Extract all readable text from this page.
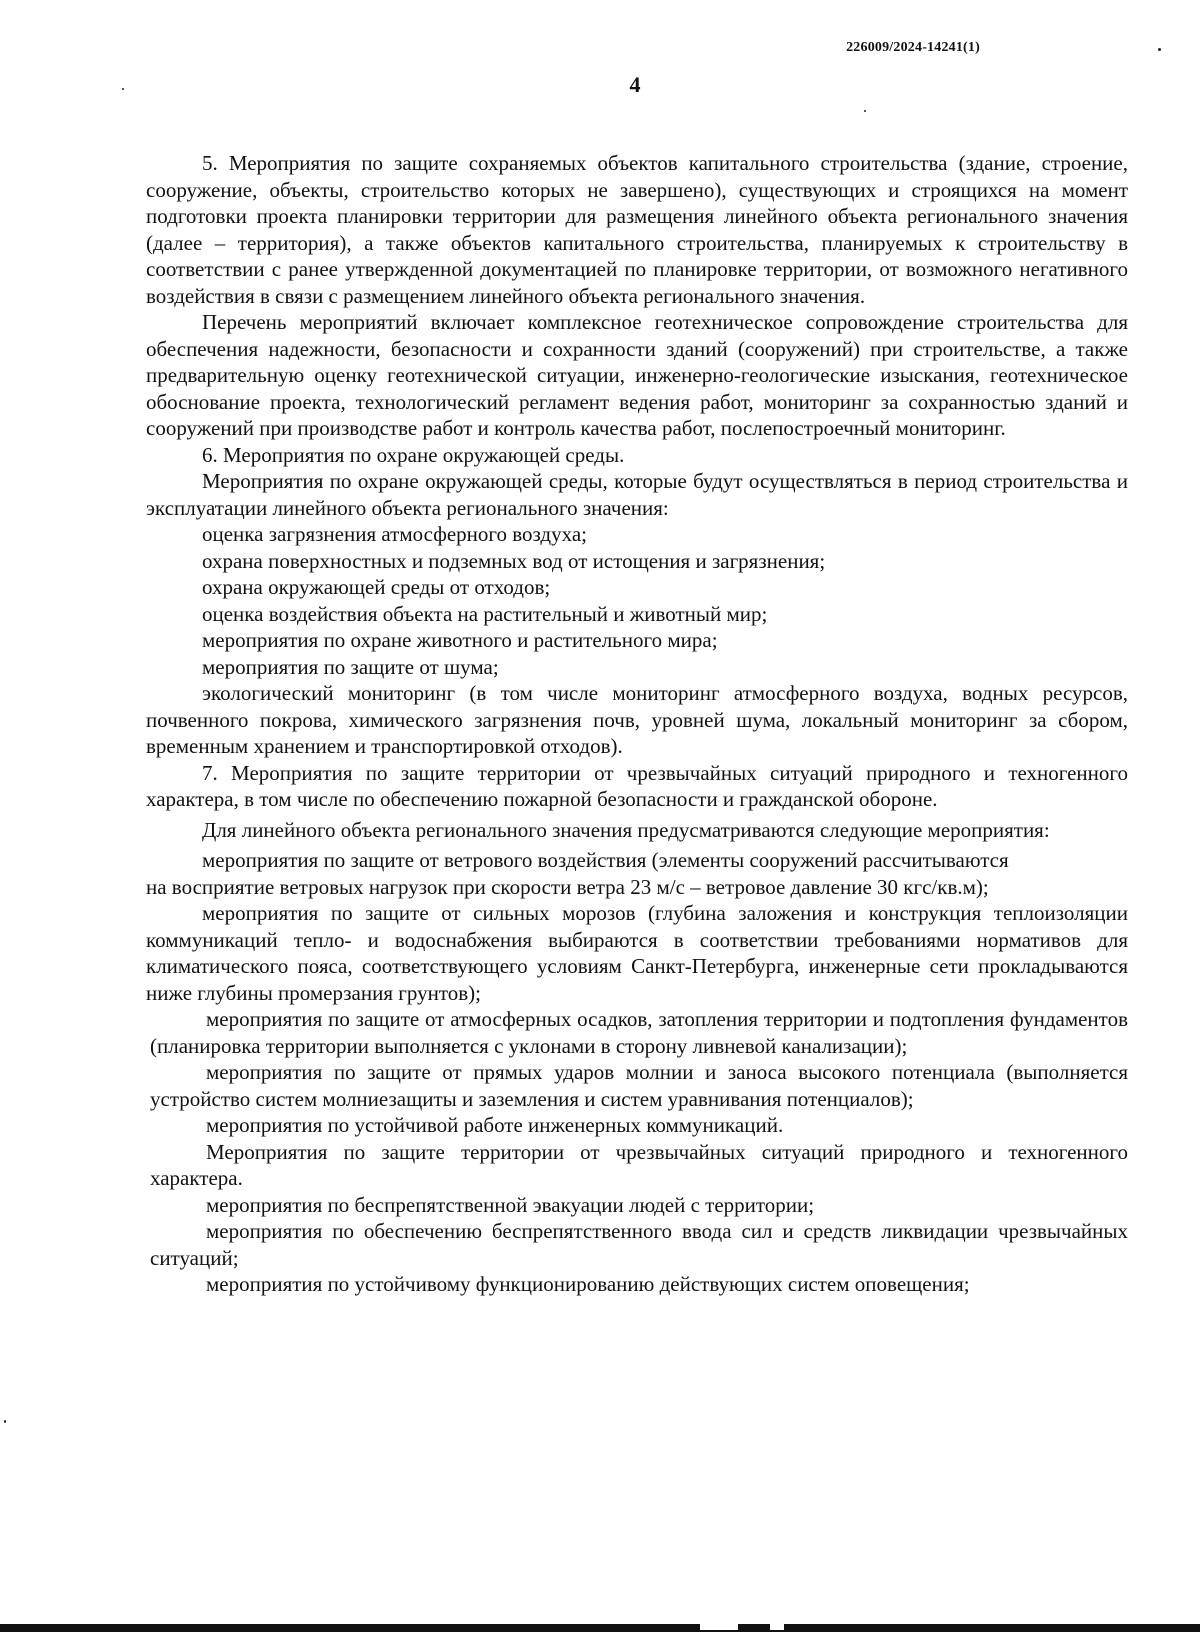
226009/2024-14241(1)
4

5. Мероприятия по защите сохраняемых объектов капитального строительства (здание, строение, сооружение, объекты, строительство которых не завершено), существующих и строящихся на момент подготовки проекта планировки территории для размещения линейного объекта регионального значения (далее – территория), а также объектов капитального строительства, планируемых к строительству в соответствии с ранее утвержденной документацией по планировке территории, от возможного негативного воздействия в связи с размещением линейного объекта регионального значения.

Перечень мероприятий включает комплексное геотехническое сопровождение строительства для обеспечения надежности, безопасности и сохранности зданий (сооружений) при строительстве, а также предварительную оценку геотехнической ситуации, инженерно-геологические изыскания, геотехническое обоснование проекта, технологический регламент ведения работ, мониторинг за сохранностью зданий и сооружений при производстве работ и контроль качества работ, послепостроечный мониторинг.

6. Мероприятия по охране окружающей среды.

Мероприятия по охране окружающей среды, которые будут осуществляться в период строительства и эксплуатации линейного объекта регионального значения:

оценка загрязнения атмосферного воздуха;

охрана поверхностных и подземных вод от истощения и загрязнения;

охрана окружающей среды от отходов;

оценка воздействия объекта на растительный и животный мир;

мероприятия по охране животного и растительного мира;

мероприятия по защите от шума;

экологический мониторинг (в том числе мониторинг атмосферного воздуха, водных ресурсов, почвенного покрова, химического загрязнения почв, уровней шума, локальный мониторинг за сбором, временным хранением и транспортировкой отходов).

7. Мероприятия по защите территории от чрезвычайных ситуаций природного и техногенного характера, в том числе по обеспечению пожарной безопасности и гражданской обороне.

Для линейного объекта регионального значения предусматриваются следующие мероприятия:

мероприятия по защите от ветрового воздействия (элементы сооружений рассчитываются

на восприятие ветровых нагрузок при скорости ветра 23 м/с – ветровое давление 30 кгс/кв.м);

мероприятия по защите от сильных морозов (глубина заложения и конструкция теплоизоляции коммуникаций тепло- и водоснабжения выбираются в соответствии требованиями нормативов для климатического пояса, соответствующего условиям Санкт-Петербурга, инженерные сети прокладываются ниже глубины промерзания грунтов);

мероприятия по защите от атмосферных осадков, затопления территории и подтопления фундаментов (планировка территории выполняется с уклонами в сторону ливневой канализации);

мероприятия по защите от прямых ударов молнии и заноса высокого потенциала (выполняется устройство систем молниезащиты и заземления и систем уравнивания потенциалов);

мероприятия по устойчивой работе инженерных коммуникаций.

Мероприятия по защите территории от чрезвычайных ситуаций природного и техногенного характера.

мероприятия по беспрепятственной эвакуации людей с территории;

мероприятия по обеспечению беспрепятственного ввода сил и средств ликвидации чрезвычайных ситуаций;

мероприятия по устойчивому функционированию действующих систем оповещения;
